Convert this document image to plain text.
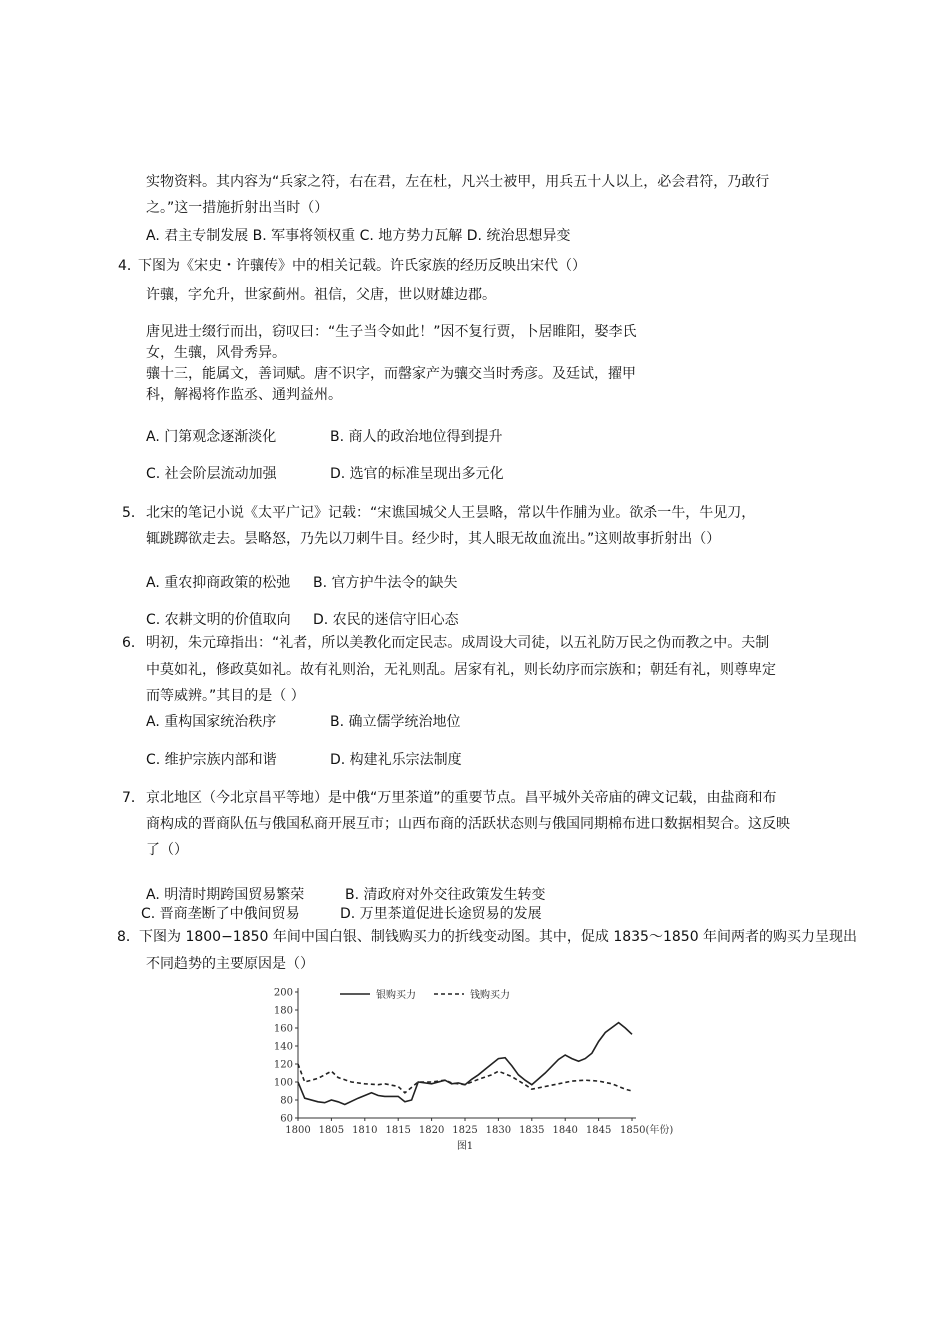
实物资料。其内容为“兵家之符，右在君，左在杜，凡兴士被甲，用兵五十人以上，必会君符，乃敢行
之。”这一措施折射出当时（）
A. 君主专制发展 B. 军事将领权重 C. 地方势力瓦解 D. 统治思想异变
4．
下图为《宋史・许骧传》中的相关记载。许氏家族的经历反映出宋代（）
许骧，字允升，世家蓟州。祖信，父唐，世以财雄边郡。
唐见进士缀行而出，窃叹曰：“生子当令如此！”因不复行贾，卜居睢阳，娶李氏
女，生骧，风骨秀异。
骧十三，能属文，善词赋。唐不识字，而罄家产为骧交当时秀彦。及廷试，擢甲
科，解褐将作监丞、通判益州。
A. 门第观念逐渐淡化	B. 商人的政治地位得到提升
C. 社会阶层流动加强	D. 选官的标准呈现出多元化
5． 北宋的笔记小说《太平广记》记载：“宋谯国城父人王昙略，常以牛作脯为业。欲杀一牛，牛见刀，
辄跳踯欲走去。昙略怒，乃先以刀刺牛目。经少时，其人眼无故血流出。”这则故事折射出（）
A. 重农抑商政策的松弛 B. 官方护牛法令的缺失
C. 农耕文明的价值取向 D. 农民的迷信守旧心态
6． 明初，朱元璋指出：“礼者，所以美教化而定民志。成周设大司徒，以五礼防万民之伪而教之中。夫制
中莫如礼，修政莫如礼。故有礼则治，无礼则乱。居家有礼，则长幼序而宗族和；朝廷有礼，则尊卑定
而等威辨。”其目的是（ ）
A. 重构国家统治秩序	B. 确立儒学统治地位
C. 维护宗族内部和谐	D. 构建礼乐宗法制度
7． 京北地区（今北京昌平等地）是中俄“万里茶道”的重要节点。昌平城外关帝庙的碑文记载，由盐商和布
商构成的晋商队伍与俄国私商开展互市；山西布商的活跃状态则与俄国同期棉布进口数据相契合。这反映
了（）
A. 明清时期跨国贸易繁荣	B. 清政府对外交往政策发生转变
C. 晋商垄断了中俄间贸易	D. 万里茶道促进长途贸易的发展
8． 下图为 1800−1850 年间中国白银、制钱购买力的折线变动图。其中，促成 1835～1850 年间两者的购买力呈现出
不同趋势的主要原因是（）
200
180
160
140
120
100
80
60
1800 1805 1810 1815 1820 1825 1830 1835 1840 1845 1850(年份)
银购买力	钱购买力
图1
